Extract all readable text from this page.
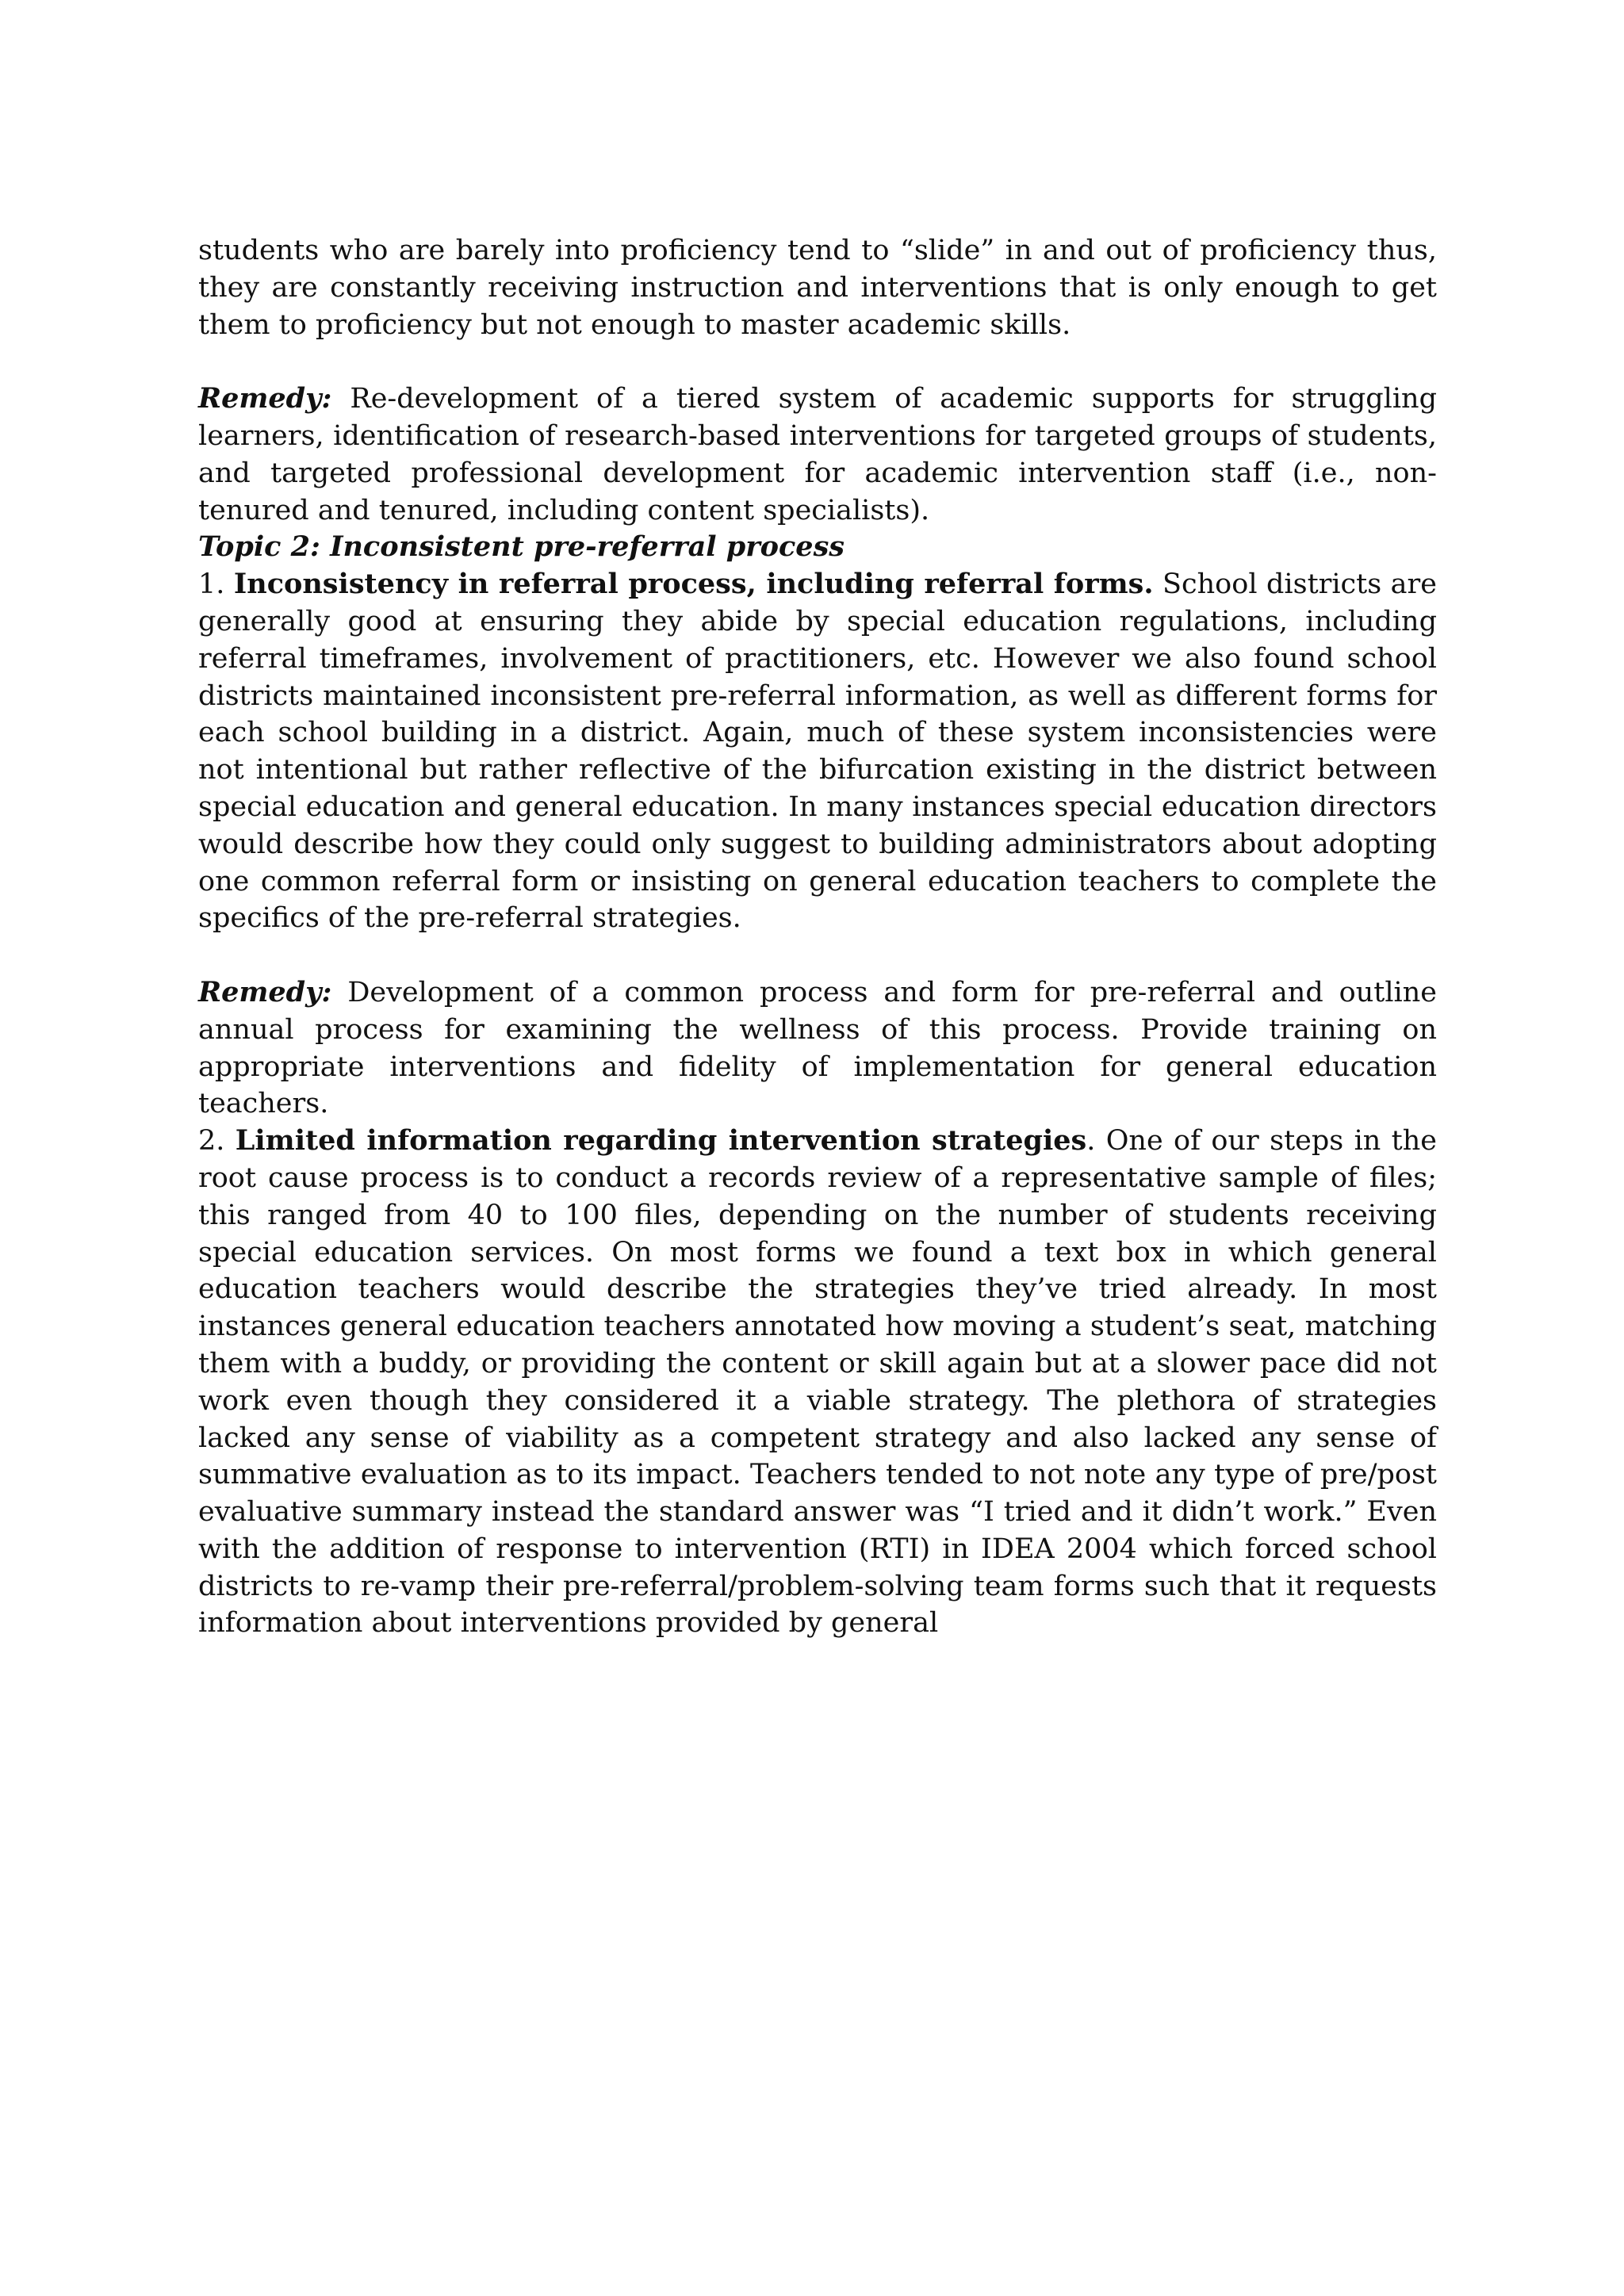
students who are barely into proficiency tend to “slide” in and out of proficiency thus, they are constantly receiving instruction and interventions that is only enough to get them to proficiency but not enough to master academic skills.

Remedy: Re-development of a tiered system of academic supports for struggling learners, identification of research-based interventions for targeted groups of students, and targeted professional development for academic intervention staff (i.e., non-tenured and tenured, including content specialists).

Topic 2: Inconsistent pre-referral process

1. Inconsistency in referral process, including referral forms. School districts are generally good at ensuring they abide by special education regulations, including referral timeframes, involvement of practitioners, etc. However we also found school districts maintained inconsistent pre-referral information, as well as different forms for each school building in a district. Again, much of these system inconsistencies were not intentional but rather reflective of the bifurcation existing in the district between special education and general education. In many instances special education directors would describe how they could only suggest to building administrators about adopting one common referral form or insisting on general education teachers to complete the specifics of the pre-referral strategies.

Remedy: Development of a common process and form for pre-referral and outline annual process for examining the wellness of this process. Provide training on appropriate interventions and fidelity of implementation for general education teachers.

2. Limited information regarding intervention strategies. One of our steps in the root cause process is to conduct a records review of a representative sample of files; this ranged from 40 to 100 files, depending on the number of students receiving special education services. On most forms we found a text box in which general education teachers would describe the strategies they’ve tried already. In most instances general education teachers annotated how moving a student’s seat, matching them with a buddy, or providing the content or skill again but at a slower pace did not work even though they considered it a viable strategy. The plethora of strategies lacked any sense of viability as a competent strategy and also lacked any sense of summative evaluation as to its impact. Teachers tended to not note any type of pre/post evaluative summary instead the standard answer was “I tried and it didn’t work.” Even with the addition of response to intervention (RTI) in IDEA 2004 which forced school districts to re-vamp their pre-referral/problem-solving team forms such that it requests information about interventions provided by general
